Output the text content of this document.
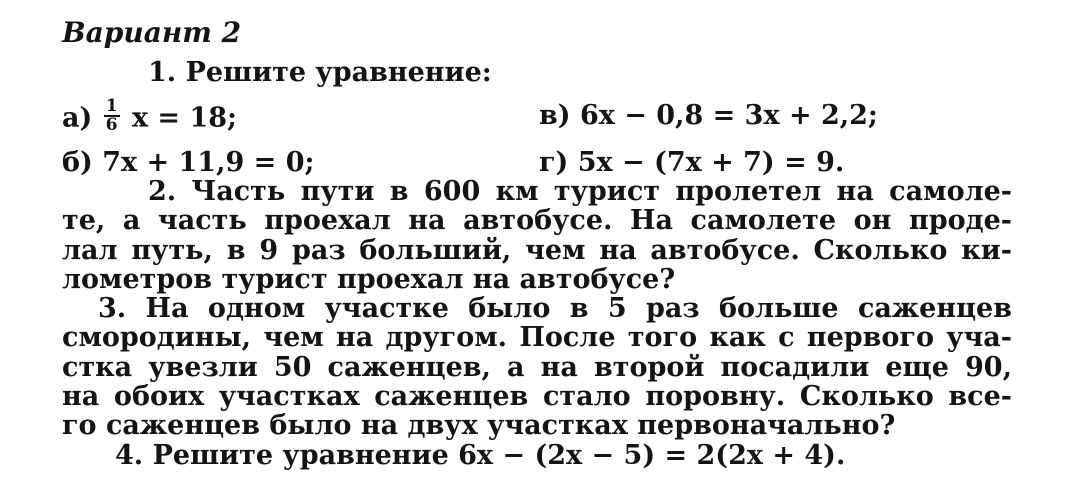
Вариант 2
1. Решите уравнение:
$а) \frac{1}{6}$ x = 18;	в) 6x − 0,8 = 3x + 2,2;
б) 7x + 11,9 = 0;	г) 5x − (7x + 7) = 9.
2. Часть пути в 600 км турист пролетел на самоле-
те, а часть проехал на автобусе. На самолете он проде-
лал путь, в 9 раз больший, чем на автобусе. Сколько ки-
лометров турист проехал на автобусе?
3. На одном участке было в 5 раз больше саженцев
смородины, чем на другом. После того как с первого уча-
стка увезли 50 саженцев, а на второй посадили еще 90,
на обоих участках саженцев стало поровну. Сколько все-
го саженцев было на двух участках первоначально?
4. Решите уравнение 6x − (2x − 5) = 2(2x + 4).
